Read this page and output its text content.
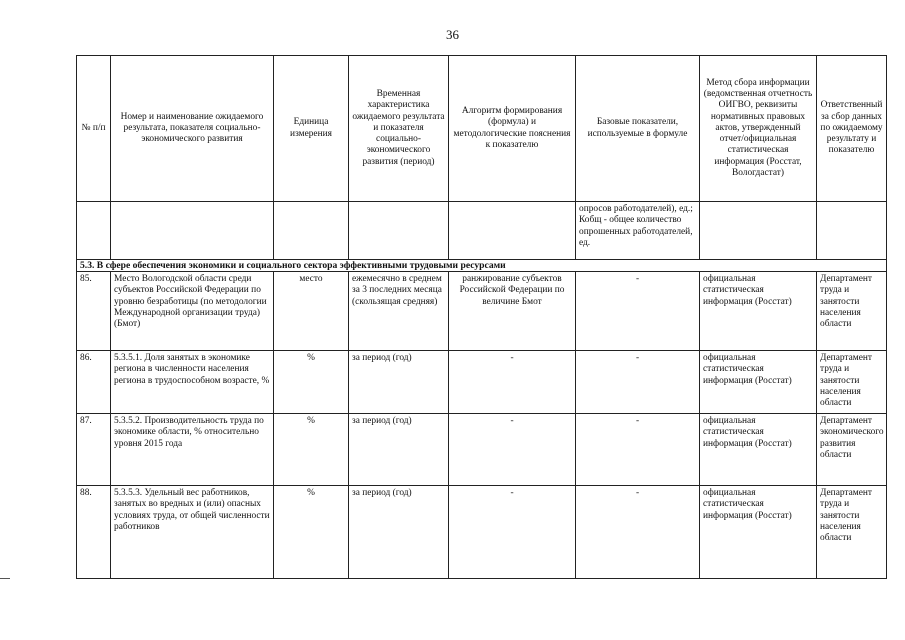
36
№ п/п	Номер и наименование ожидаемого результата, показателя социально-экономического развития	Единица измерения	Временная характеристика ожидаемого результата и показателя социально-экономического развития (период)	Алгоритм формирования (формула) и методологические пояснения к показателю	Базовые показатели, используемые в формуле	Метод сбора информации (ведомственная отчетность ОИГВО, реквизиты нормативных правовых актов, утвержденный отчет/официальная статистическая информация (Росстат, Вологдастат)	Ответственный за сбор данных по ожидаемому результату и показателю
					опросов работодателей), ед.; Кобщ - общее количество опрошенных работодателей, ед.		
5.3. В сфере обеспечения экономики и социального сектора эффективными трудовыми ресурсами							
85.	Место Вологодской области среди субъектов Российской Федерации по уровню безработицы (по методологии Международной организации труда) (Бмот)	место	ежемесячно в среднем за 3 последних месяца (скользящая средняя)	ранжирование субъектов Российской Федерации по величине Бмот	-	официальная статистическая информация (Росстат)	Департамент труда и занятости населения области
86.	5.3.5.1. Доля занятых в экономике региона в численности населения региона в трудоспособном возрасте, %	%	за период (год)	-	-	официальная статистическая информация (Росстат)	Департамент труда и занятости населения области
87.	5.3.5.2. Производительность труда по экономике области, % относительно уровня 2015 года	%	за период (год)	-	-	официальная статистическая информация (Росстат)	Департамент экономического развития области
88.	5.3.5.3. Удельный вес работников, занятых во вредных и (или) опасных условиях труда, от общей численности работников	%	за период (год)	-	-	официальная статистическая информация (Росстат)	Департамент труда и занятости населения области
